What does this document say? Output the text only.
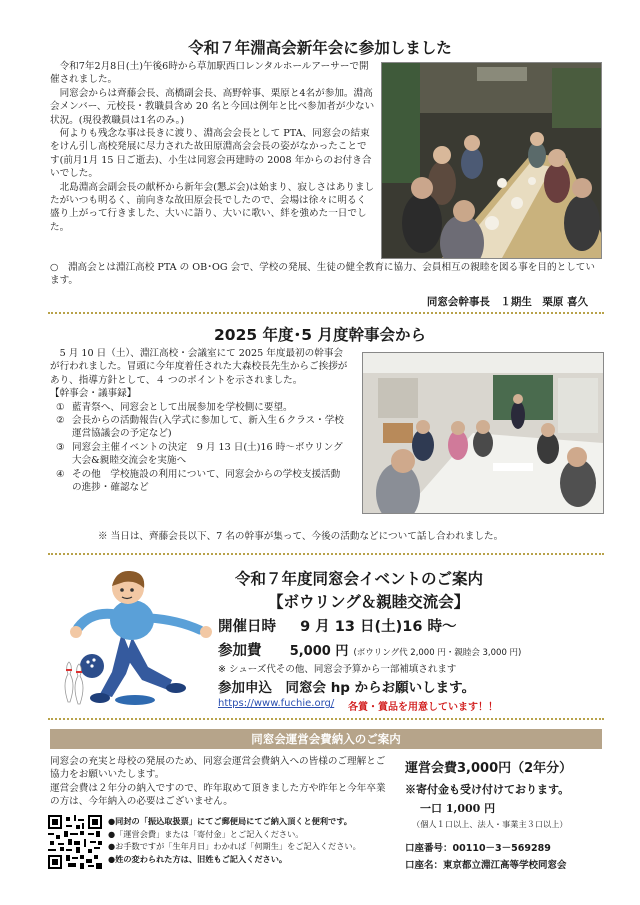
令和７年淵高会新年会に参加しました

令和7年2月8日(土)午後6時から草加駅西口レンタルホールアーサーで開催されました。

同窓会からは齊藤会長、高橋副会長、高野幹事、栗原と4名が参加。淵高会メンバー、元校長・教職員含め 20 名と今回は例年と比べ参加者が少ない状況。(現役教職員は1名のみ。)

何よりも残念な事は長きに渡り、淵高会会長として PTA、同窓会の結束をけん引し高校発展に尽力された故田原淵高会会長の姿がなかったことです(前月1月 15 日ご逝去)、小生は同窓会再建時の 2008 年からのお付き合いでした。

北島淵高会副会長の献杯から新年会(懇ぶ会)は始まり、寂しさはありましたがいつも明るく、前向きな故田原会長でしたので、会場は徐々に明るく盛り上がって行きました、大いに語り、大いに歌い、絆を強めた一日でした。

○　淵高会とは淵江高校 PTA の OB･OG 会で、学校の発展、生徒の健全教育に協力、会員相互の親睦を図る事を目的としています。

同窓会幹事長　１期生　栗原 喜久
2025 年度･5 月度幹事会から

5 月 10 日（土）、淵江高校・会議室にて 2025 年度最初の幹事会が行われました。冒頭に今年度着任された大森校長先生からご挨拶があり、指導方針として、４ つのポイントを示されました。

【幹事会・議事録】

① 藍青祭へ、同窓会として出展参加を学校側に要望。
② 会長からの活動報告(入学式に参加して、新入生６クラス・学校運営協議会の予定など)
③ 同窓会主催イベントの決定　9 月 13 日(土)16 時～ボウリング大会&親睦交流会を実施へ
④ その他　学校施設の利用について、同窓会からの学校支援活動の進捗・確認など
※ 当日は、齊藤会長以下、7 名の幹事が集って、今後の活動などについて話し合われました。
令和７年度同窓会イベントのご案内
【ボウリング＆親睦交流会】
開催日時 9 月 13 日(土)16 時～
参加費 5,000 円 (ボウリング代 2,000 円・親睦会 3,000 円)
※ シューズ代その他、同窓会予算から一部補填されます
参加申込　同窓会 hp からお願いします。
https://www.fuchie.org/ 各賞・賞品を用意しています！！
同窓会運営会費納入のご案内

同窓会の充実と母校の発展のため、同窓会運営会費納入への皆様のご理解とご協力をお願いいたします。

運営会費は２年分の納入ですので、昨年取めて頂きました方や昨年と今年卒業の方は、今年納入の必要はございません。

●同封の「振込取扱票」にてご郵便局にてご納入頂くと便利です。
●「運営会費」または「寄付金」とご記入ください。
●お手数ですが「生年月日」わかれば「何期生」をご記入ください。
●姓の変わられた方は、旧姓もご記入ください。
運営会費3,000円（2年分）
※寄付金も受け付けております。
一口 1,000 円
（個人１口以上、法人・事業主３口以上）
口座番号：00110－3－569289
口座名：東京都立淵江高等学校同窓会
